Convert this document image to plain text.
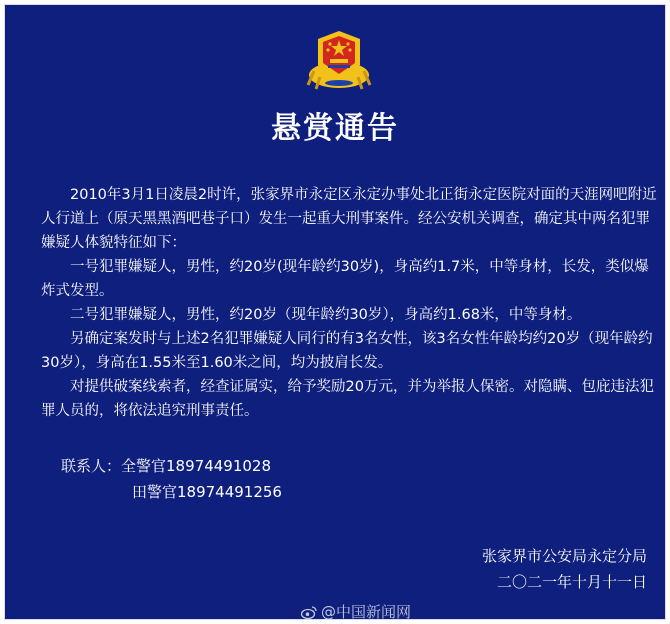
悬赏通告

2010年3月1日凌晨2时许，张家界市永定区永定办事处北正街永定医院对面的天涯网吧附近人行道上（原天黑黑酒吧巷子口）发生一起重大刑事案件。经公安机关调查，确定其中两名犯罪嫌疑人体貌特征如下：

一号犯罪嫌疑人，男性，约20岁(现年龄约30岁)，身高约1.7米，中等身材，长发，类似爆炸式发型。

二号犯罪嫌疑人，男性，约20岁（现年龄约30岁），身高约1.68米，中等身材。

另确定案发时与上述2名犯罪嫌疑人同行的有3名女性，该3名女性年龄均约20岁（现年龄约30岁），身高在1.55米至1.60米之间，均为披肩长发。

对提供破案线索者，经查证属实，给予奖励20万元，并为举报人保密。对隐瞒、包庇违法犯罪人员的，将依法追究刑事责任。

联系人：全警官18974491028
田警官18974491256
张家界市公安局永定分局
二〇二一年十月十一日
@中国新闻网
